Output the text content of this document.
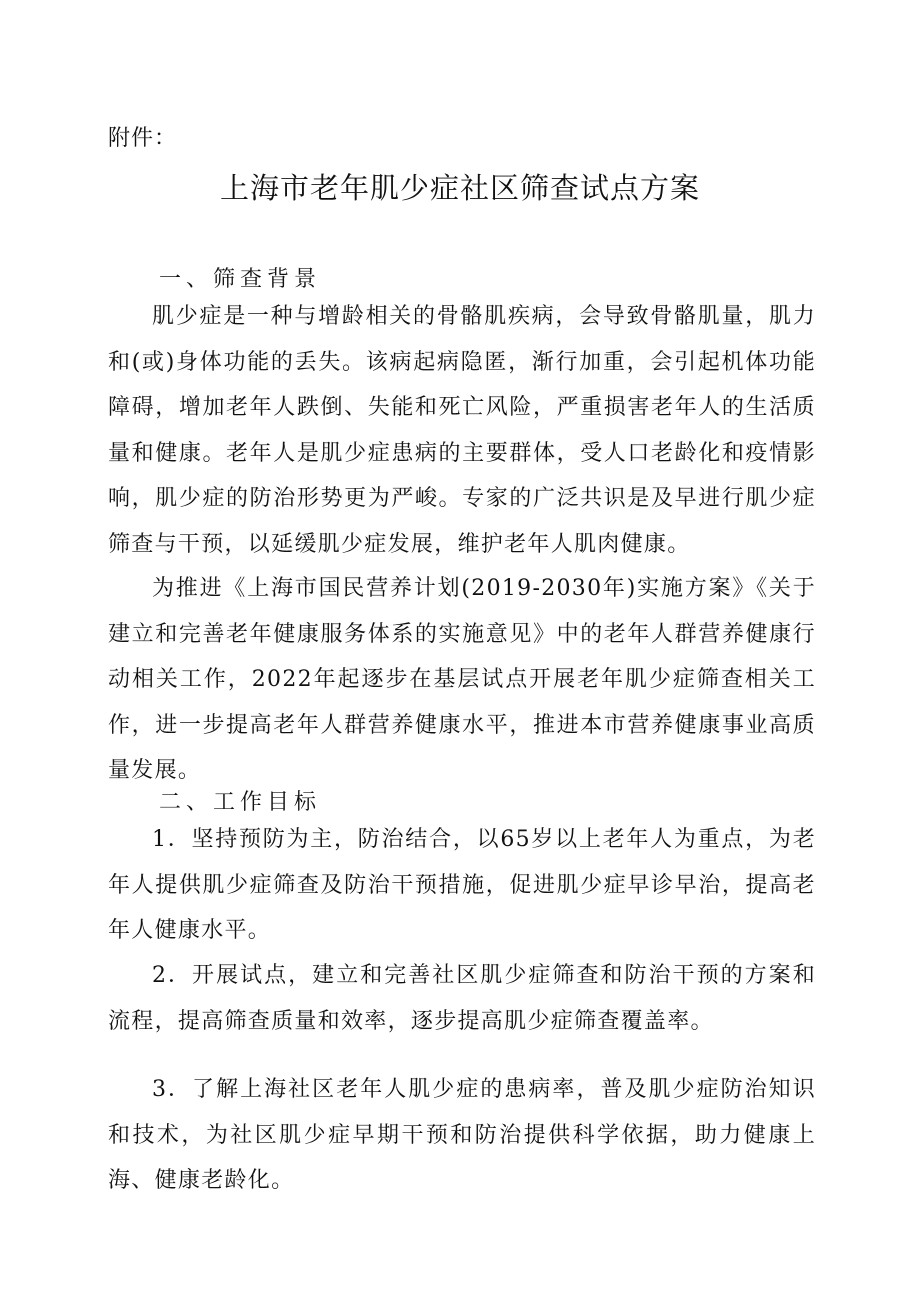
附件：
上海市老年肌少症社区筛查试点方案
一、筛查背景

肌少症是一种与增龄相关的骨骼肌疾病，会导致骨骼肌量，肌力和(或)身体功能的丢失。该病起病隐匿，渐行加重，会引起机体功能障碍，增加老年人跌倒、失能和死亡风险，严重损害老年人的生活质量和健康。老年人是肌少症患病的主要群体，受人口老龄化和疫情影响，肌少症的防治形势更为严峻。专家的广泛共识是及早进行肌少症筛查与干预，以延缓肌少症发展，维护老年人肌肉健康。

为推进《上海市国民营养计划(2019-2030年)实施方案》《关于建立和完善老年健康服务体系的实施意见》中的老年人群营养健康行动相关工作，2022年起逐步在基层试点开展老年肌少症筛查相关工作，进一步提高老年人群营养健康水平，推进本市营养健康事业高质量发展。

二、工作目标

1．坚持预防为主，防治结合，以65岁以上老年人为重点，为老年人提供肌少症筛查及防治干预措施，促进肌少症早诊早治，提高老年人健康水平。

2．开展试点，建立和完善社区肌少症筛查和防治干预的方案和流程，提高筛查质量和效率，逐步提高肌少症筛查覆盖率。

3．了解上海社区老年人肌少症的患病率，普及肌少症防治知识和技术，为社区肌少症早期干预和防治提供科学依据，助力健康上海、健康老龄化。
